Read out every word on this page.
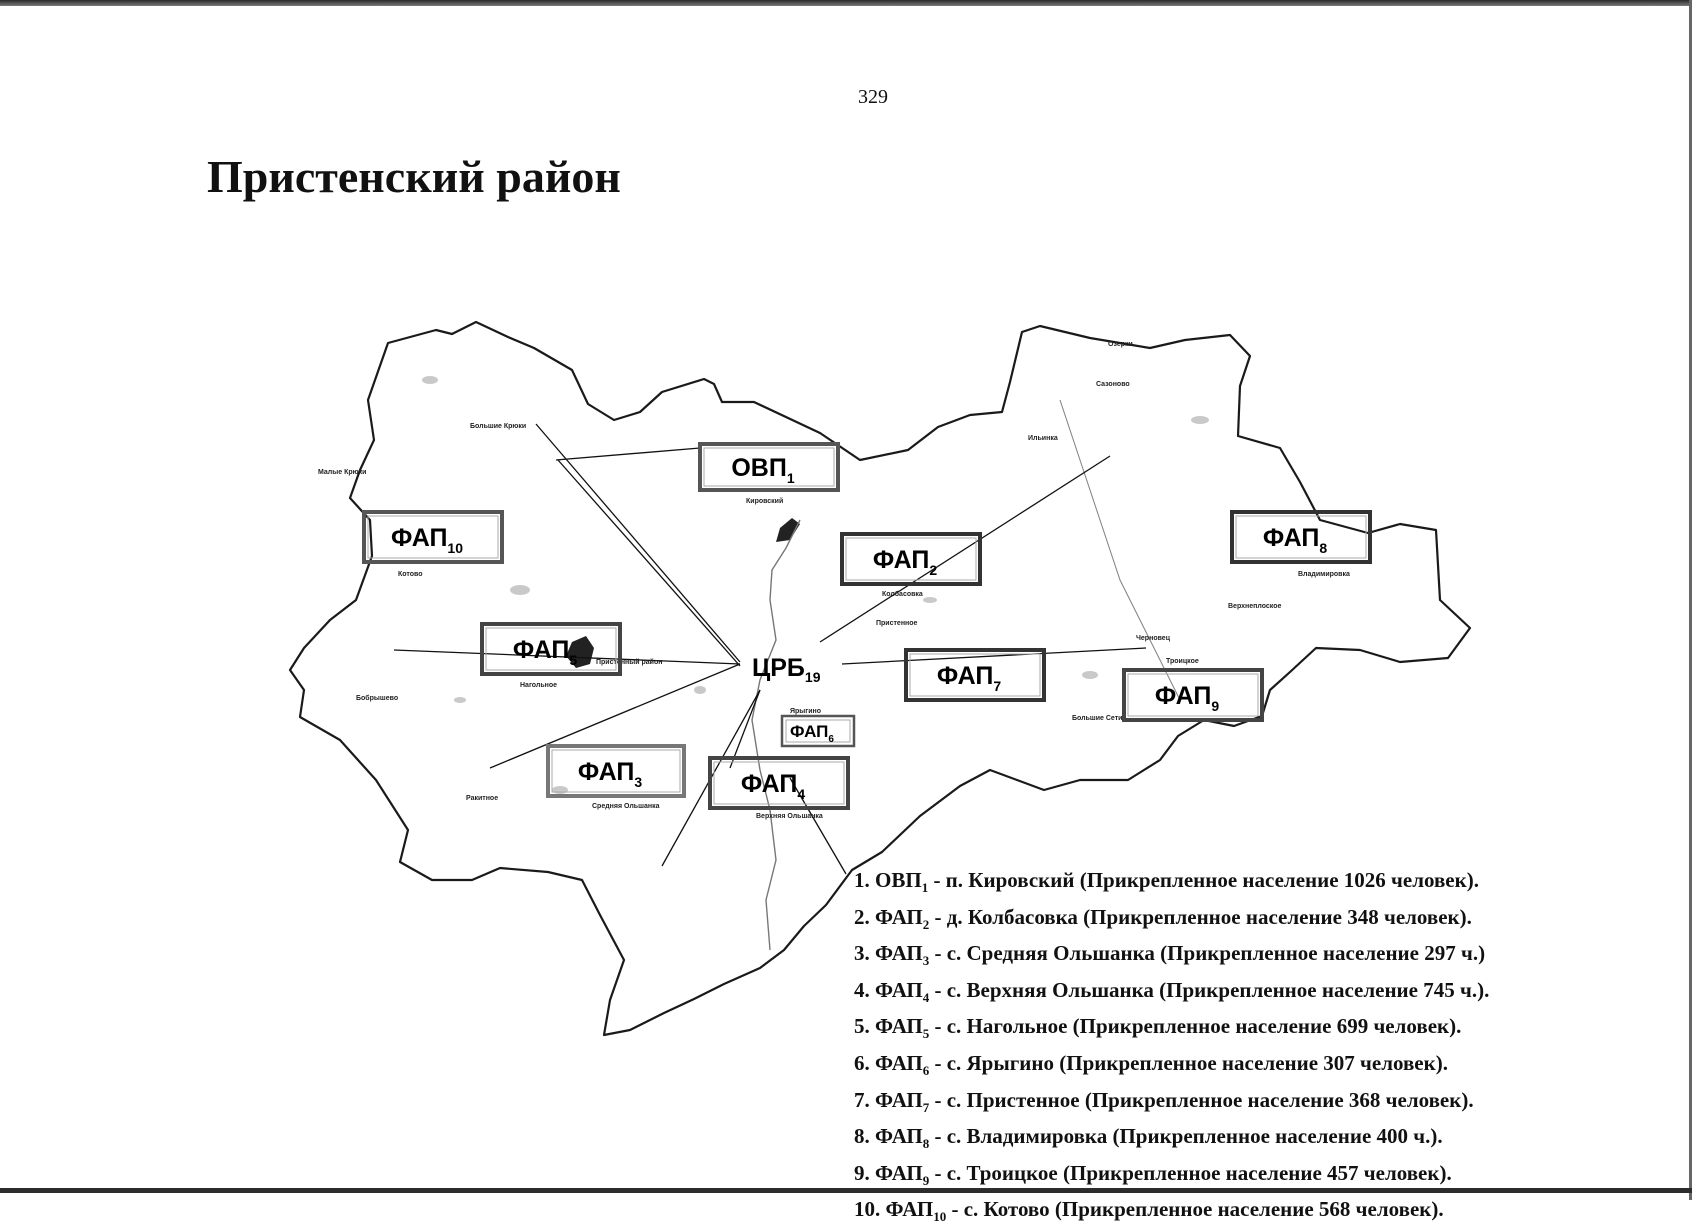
329
Пристенский район
Большие Крюки
Малые Крюки
Котово
Кировский
Колбасовка
Пристенный район
Нагольное
Средняя Ольшанка
Верхняя Ольшанка
Ярыгино
Пристенное
Троицкое
Владимировка
Верхнеплоское
Бобрышево
Ракитное
Озерки
Сазоново
Черновец
Большие Сети
Ильинка
$ОВП_1$
$ФАП_2$
$ФАП_3$	$ФАП_4$
$ФАП_5$
$ФАП_6$
$ФАП_7$
$ФАП_8$
$ФАП_9$
$ФАП_{10}$
$ЦРБ_{19}$
1. $ОВП_1$ - п. Кировский (Прикрепленное население 1026 человек).
2. $ФАП_2$ - д. Колбасовка (Прикрепленное население 348 человек).
3. $ФАП_3$ - с. Средняя Ольшанка (Прикрепленное население 297 ч.)
4. $ФАП_4$ - с. Верхняя Ольшанка (Прикрепленное население 745 ч.).
5. $ФАП_5$ - с. Нагольное (Прикрепленное население 699 человек).
6. $ФАП_6$ - с. Ярыгино (Прикрепленное население 307 человек).
7. $ФАП_7$ - с. Пристенное (Прикрепленное население 368 человек).
8. $ФАП_8$ - с. Владимировка (Прикрепленное население 400 ч.).
9. $ФАП_9$ - с. Троицкое (Прикрепленное население 457 человек).
10. $ФАП_{10}$ - с. Котово (Прикрепленное население 568 человек).
